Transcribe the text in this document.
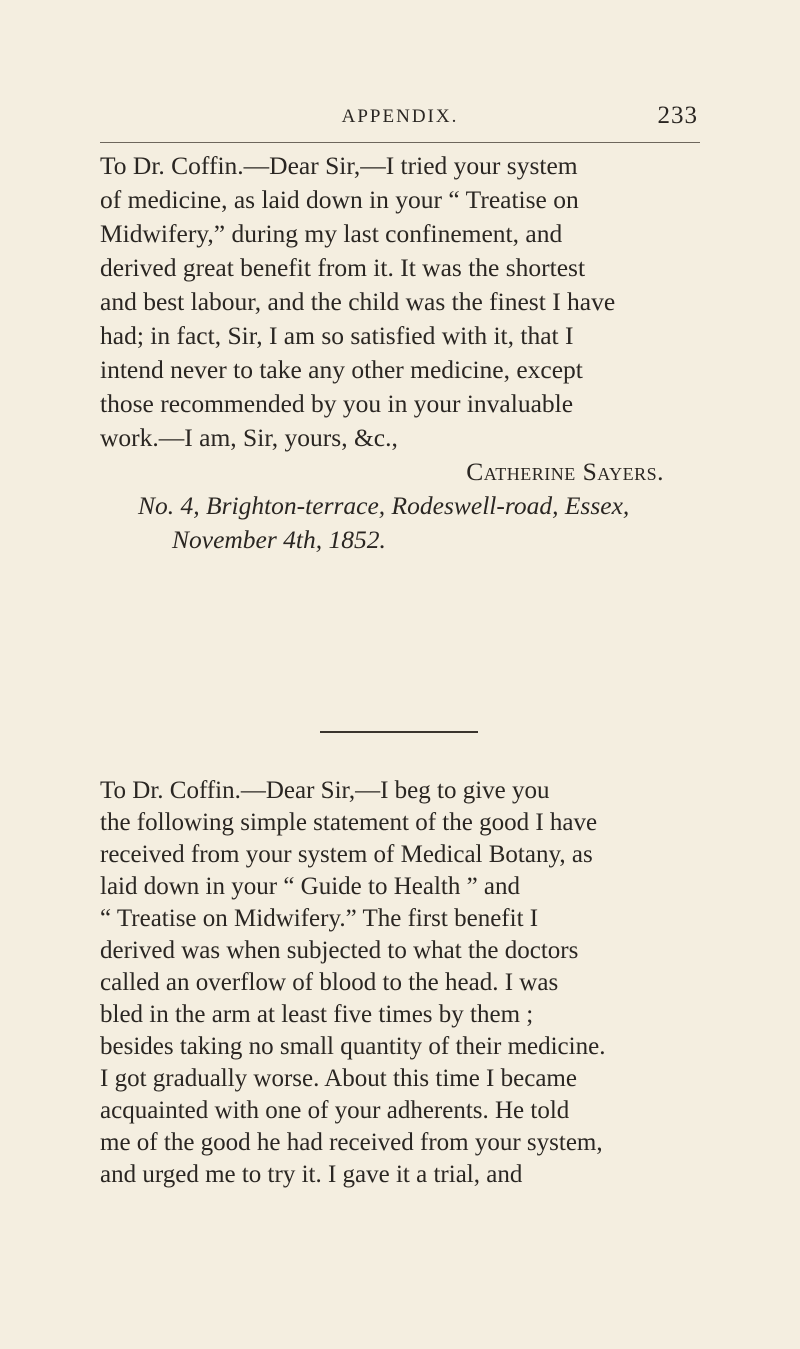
APPENDIX.	233

To Dr. Coffin.—Dear Sir,—I tried your system

of medicine, as laid down in your “ Treatise on

Midwifery,” during my last confinement, and

derived great benefit from it. It was the shortest

and best labour, and the child was the finest I have

had; in fact, Sir, I am so satisfied with it, that I

intend never to take any other medicine, except

those recommended by you in your invaluable

work.—I am, Sir, yours, &c.,

Catherine Sayers.

No. 4, Brighton-terrace, Rodeswell-road, Essex,

November 4th, 1852.

To Dr. Coffin.—Dear Sir,—I beg to give you

the following simple statement of the good I have

received from your system of Medical Botany, as

laid down in your “ Guide to Health ” and

“ Treatise on Midwifery.” The first benefit I

derived was when subjected to what the doctors

called an overflow of blood to the head. I was

bled in the arm at least five times by them ;

besides taking no small quantity of their medicine.

I got gradually worse. About this time I became

acquainted with one of your adherents. He told

me of the good he had received from your system,

and urged me to try it. I gave it a trial, and
